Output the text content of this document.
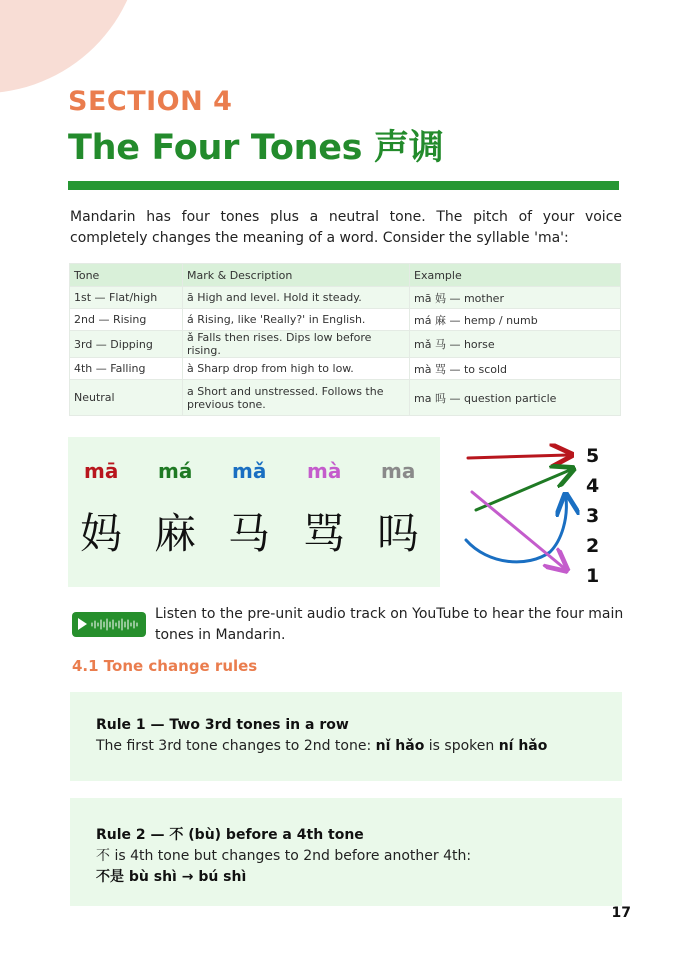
SECTION 4
The Four Tones 声调

Mandarin has four tones plus a neutral tone. The pitch of your voice completely changes the meaning of a word. Consider the syllable 'ma':

Tone	Mark & Description	Example
1st — Flat/high	ā High and level. Hold it steady.	mā 妈 — mother
2nd — Rising	á Rising, like 'Really?' in English.	má 麻 — hemp / numb
3rd — Dipping	ǎ Falls then rises. Dips low before rising.	mǎ 马 — horse
4th — Falling	à Sharp drop from high to low.	mà 骂 — to scold
Neutral	a Short and unstressed. Follows the previous tone.	ma 吗 — question particle
mā má mǎ mà ma
妈 麻 马 骂 吗
5
4
3
2
1
Listen to the pre-unit audio track on YouTube to hear the four main tones in Mandarin.
4.1 Tone change rules
Rule 1 — Two 3rd tones in a row
The first 3rd tone changes to 2nd tone: nǐ hǎo is spoken ní hǎo
Rule 2 — 不 (bù) before a 4th tone
不 is 4th tone but changes to 2nd before another 4th:
不是 bù shì → bú shì
17
